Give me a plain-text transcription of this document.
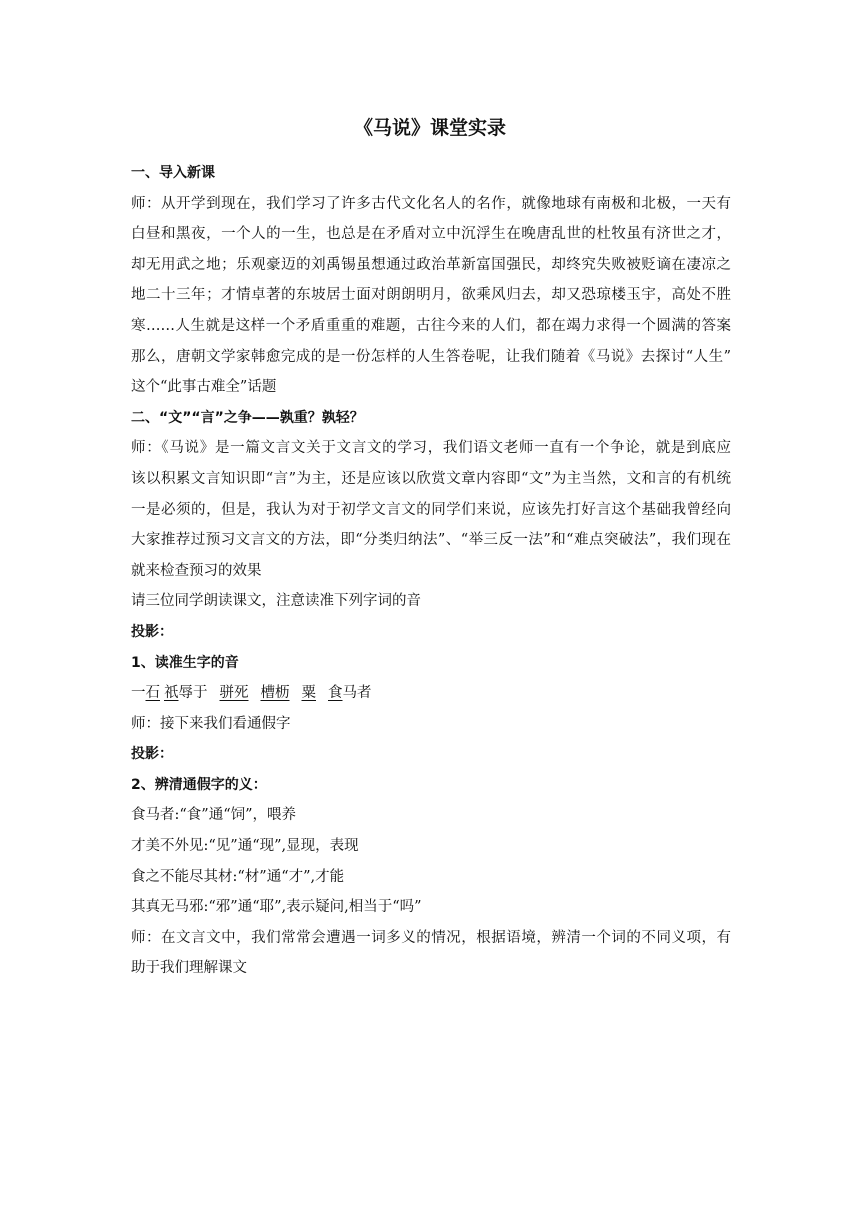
《马说》课堂实录
一、导入新课
师：从开学到现在，我们学习了许多古代文化名人的名作，就像地球有南极和北极，一天有
白昼和黑夜，一个人的一生，也总是在矛盾对立中沉浮生在晚唐乱世的杜牧虽有济世之才，
却无用武之地；乐观豪迈的刘禹锡虽想通过政治革新富国强民，却终究失败被贬谪在凄凉之
地二十三年；才情卓著的东坡居士面对朗朗明月，欲乘风归去，却又恐琼楼玉宇，高处不胜
寒……人生就是这样一个矛盾重重的难题，古往今来的人们，都在竭力求得一个圆满的答案
那么，唐朝文学家韩愈完成的是一份怎样的人生答卷呢，让我们随着《马说》去探讨“人生”
这个“此事古难全”话题
二、“文”“言”之争——孰重？孰轻？
师：《马说》是一篇文言文关于文言文的学习，我们语文老师一直有一个争论，就是到底应
该以积累文言知识即“言”为主，还是应该以欣赏文章内容即“文”为主当然，文和言的有机统
一是必须的，但是，我认为对于初学文言文的同学们来说，应该先打好言这个基础我曾经向
大家推荐过预习文言文的方法，即“分类归纳法”、“举三反一法”和“难点突破法”，我们现在
就来检查预习的效果
请三位同学朗读课文，注意读准下列字词的音
投影：
1、读准生字的音
一石 祇辱于 骈死 槽枥 粟 食马者
师：接下来我们看通假字
投影：
2、辨清通假字的义：
食马者:“食”通“饲”，喂养
才美不外见:“见”通“现”,显现，表现
食之不能尽其材:“材”通“才”,才能
其真无马邪:“邪”通“耶”,表示疑问,相当于“吗”
师：在文言文中，我们常常会遭遇一词多义的情况，根据语境，辨清一个词的不同义项，有
助于我们理解课文
